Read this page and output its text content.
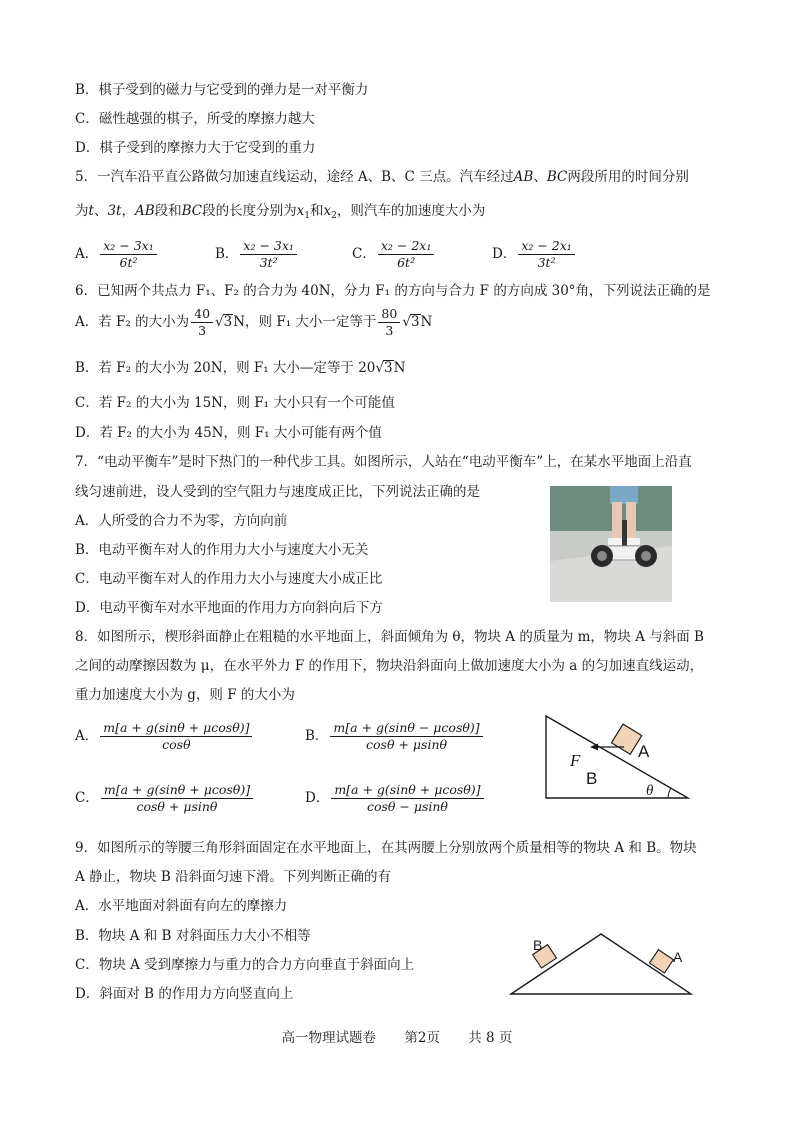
B．棋子受到的磁力与它受到的弹力是一对平衡力
C．磁性越强的棋子，所受的摩擦力越大
D．棋子受到的摩擦力大于它受到的重力
5．一汽车沿平直公路做匀加速直线运动，途经 A、B、C 三点。汽车经过AB、BC两段所用的时间分别
为t、3t，AB段和BC段的长度分别为$x_1$和$x_2$，则汽车的加速度大小为
A． $\frac{\text{x₂ − 3x₁}}{\text{6t²}}$	B． $\frac{\text{x₂ − 3x₁}}{\text{3t²}}$	C． $\frac{\text{x₂ − 2x₁}}{\text{6t²}}$	D． $\frac{\text{x₂ − 2x₁}}{\text{3t²}}$
6．已知两个共点力 F₁、F₂ 的合力为 40N，分力 F₁ 的方向与合力 F 的方向成 30°角，下列说法正确的是
A．若 F₂ 的大小为 $\frac{40}{3} √3N$，则 F₁ 大小一定等于 $\frac{80}{3} √3N$
B．若 F₂ 的大小为 20N，则 F₁ 大小—定等于 20√3N
C．若 F₂ 的大小为 15N，则 F₁ 大小只有一个可能值
D．若 F₂ 的大小为 45N，则 F₁ 大小可能有两个值
7．“电动平衡车”是时下热门的一种代步工具。如图所示，人站在“电动平衡车”上，在某水平地面上沿直
线匀速前进，设人受到的空气阻力与速度成正比，下列说法正确的是
A．人所受的合力不为零，方向向前
B．电动平衡车对人的作用力大小与速度大小无关
C．电动平衡车对人的作用力大小与速度大小成正比
D．电动平衡车对水平地面的作用力方向斜向后下方
8．如图所示，楔形斜面静止在粗糙的水平地面上，斜面倾角为 θ，物块 A 的质量为 m，物块 A 与斜面 B
之间的动摩擦因数为 μ，在水平外力 F 的作用下，物块沿斜面向上做加速度大小为 a 的匀加速直线运动，
重力加速度大小为 g，则 F 的大小为
A． $\frac{m[a + g(\sin\theta + \mu\cos\theta)]}{\cos\theta}$	B． $\frac{m[a + g(\sin\theta - \mu\cos\theta)]}{\cos\theta + \mu\sin\theta}$
C． $\frac{m[a + g(\sin\theta + \mu\cos\theta)]}{\cos\theta + \mu\sin\theta}$	D． $\frac{m[a + g(\sin\theta + \mu\cos\theta)]}{\cos\theta - \mu\sin\theta}$
A
B
F
θ
9．如图所示的等腰三角形斜面固定在水平地面上，在其两腰上分别放两个质量相等的物块 A 和 B。物块
A 静止，物块 B 沿斜面匀速下滑。下列判断正确的有
A．水平地面对斜面有向左的摩擦力
B．物块 A 和 B 对斜面压力大小不相等
C．物块 A 受到摩擦力与重力的合力方向垂直于斜面向上
D．斜面对 B 的作用力方向竖直向上
B
A
高一物理试题卷 第2页 共 8 页
